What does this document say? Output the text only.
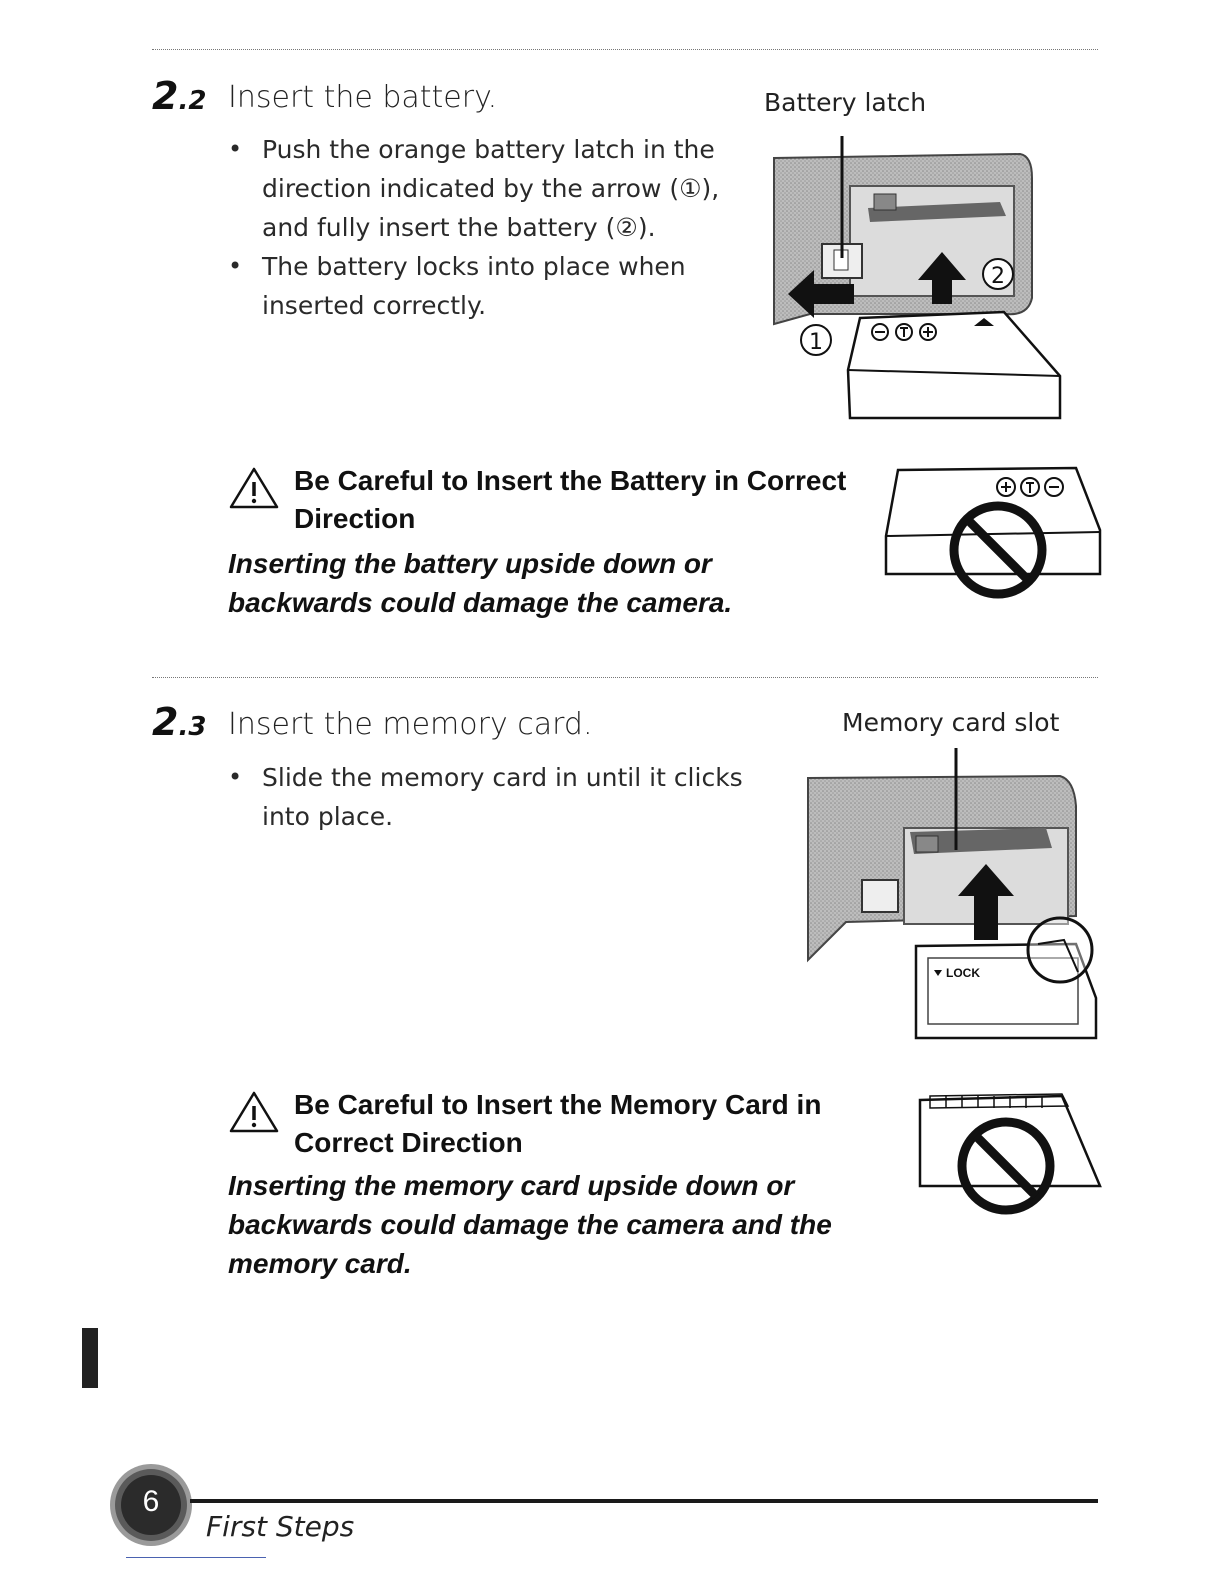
2.2 Insert the battery.
• Push the orange battery latch in the direction indicated by the arrow (①), and fully insert the battery (②).
• The battery locks into place when inserted correctly.
Battery latch
2
1
Be Careful to Insert the Battery in Correct Direction
Inserting the battery upside down or backwards could damage the camera.
2.3 Insert the memory card.
• Slide the memory card in until it clicks into place.
Memory card slot
LOCK
Be Careful to Insert the Memory Card in Correct Direction
Inserting the memory card upside down or backwards could damage the camera and the memory card.
6
First Steps
